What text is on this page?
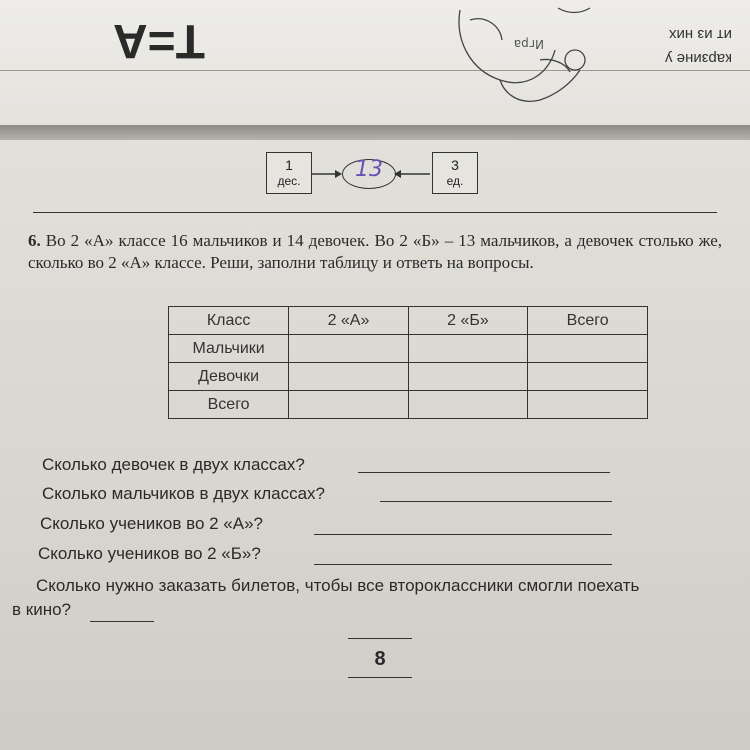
Т=А	Игра
карзине у
ит из них
1
дес.
3
ед.
13
6. Во 2 «А» классе 16 мальчиков и 14 девочек. Во 2 «Б» – 13 мальчиков, а девочек столько же, сколько во 2 «А» классе. Реши, заполни таблицу и ответь на вопросы.
Класс	2 «А»	2 «Б»	Всего
Мальчики			
Девочки			
Всего			
Сколько девочек в двух классах?
Сколько мальчиков в двух классах?
Сколько учеников во 2 «А»?
Сколько учеников во 2 «Б»?
Сколько нужно заказать билетов, чтобы все второклассники смогли поехать
в кино?
8
